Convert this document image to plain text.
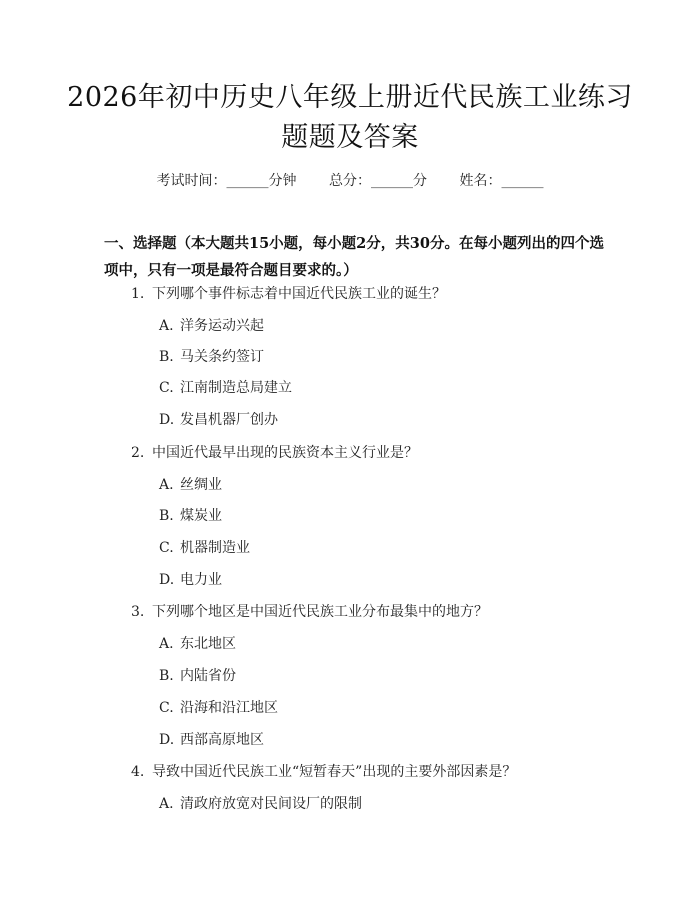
2026年初中历史八年级上册近代民族工业练习题题及答案
考试时间：______分钟 总分：______分 姓名：______
一、选择题（本大题共15小题，每小题2分，共30分。在每小题列出的四个选项中，只有一项是最符合题目要求的。）
1. 下列哪个事件标志着中国近代民族工业的诞生？
A. 洋务运动兴起
B. 马关条约签订
C. 江南制造总局建立
D. 发昌机器厂创办
2. 中国近代最早出现的民族资本主义行业是？
A. 丝绸业
B. 煤炭业
C. 机器制造业
D. 电力业
3. 下列哪个地区是中国近代民族工业分布最集中的地方？
A. 东北地区
B. 内陆省份
C. 沿海和沿江地区
D. 西部高原地区
4. 导致中国近代民族工业“短暂春天”出现的主要外部因素是？
A. 清政府放宽对民间设厂的限制
